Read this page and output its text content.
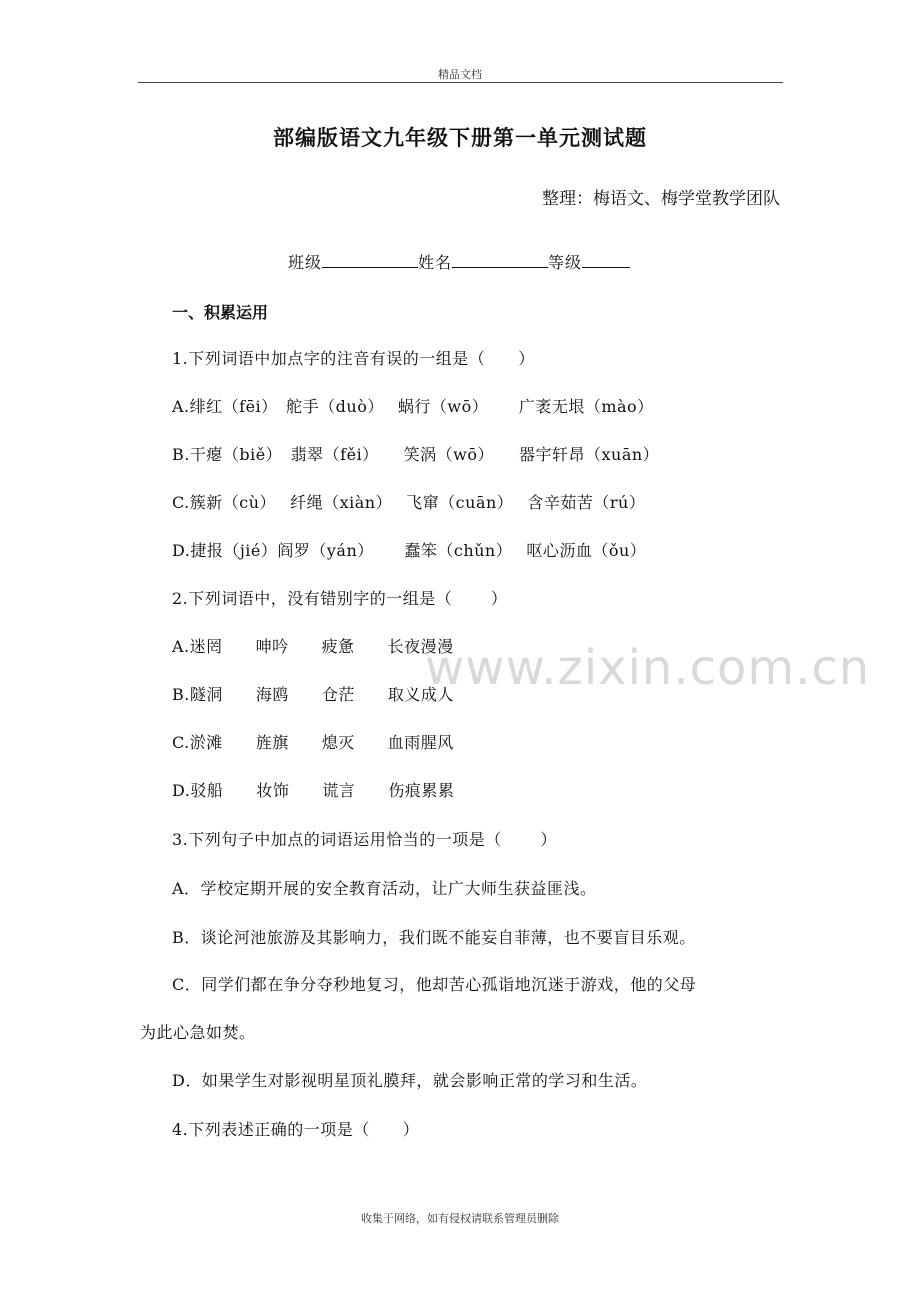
精品文档
部编版语文九年级下册第一单元测试题
整理：梅语文、梅学堂教学团队
班级	姓名	等级
一、积累运用
1.下列词语中加点字的注音有误的一组是（　　）
A.绯红（fēi）　舵手（duò）　 蜗行（wō）　　 广袤无垠（mào）
B.干瘪（biě）　翡翠（fěi）　　笑涡（wō）　　器宇轩昂（xuān）
C.簇新（cù）　 纤绳（xiàn）　 飞窜（cuān）　 含辛茹苦（rú）
D.捷报（jié）阎罗（yán）　　 蠢笨（chǔn）　 呕心沥血（ǒu）
2.下列词语中，没有错别字的一组是（　　 ）
A.迷罔　　呻吟　　疲惫　　长夜漫漫
B.隧洞　　海鸥　　仓茫　　取义成人
C.淤滩　　旌旗　　熄灭　　血雨腥风
D.驳船　　妆饰　　谎言　　伤痕累累
3.下列句子中加点的词语运用恰当的一项是（　　 ）
A．学校定期开展的安全教育活动，让广大师生获益匪浅。
B．谈论河池旅游及其影响力，我们既不能妄自菲薄，也不要盲目乐观。
C．同学们都在争分夺秒地复习，他却苦心孤诣地沉迷于游戏，他的父母
为此心急如焚。
D．如果学生对影视明星顶礼膜拜，就会影响正常的学习和生活。
4.下列表述正确的一项是（　　）
www.zixin.com.cn
收集于网络，如有侵权请联系管理员删除
